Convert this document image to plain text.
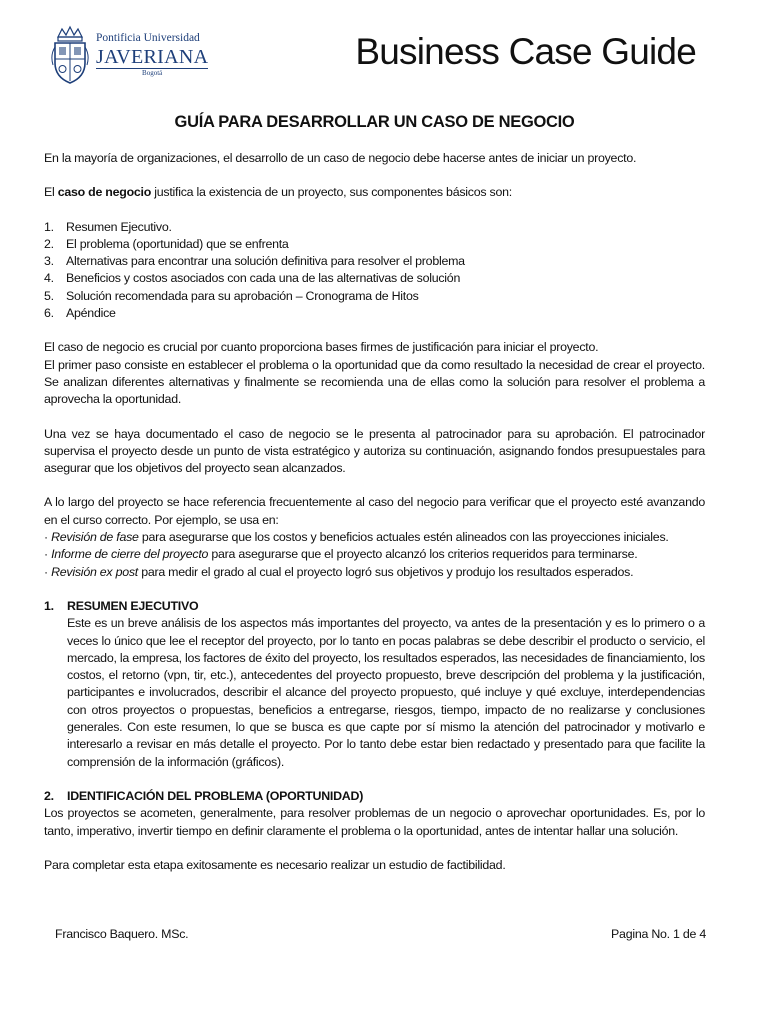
Pontificia Universidad
JAVERIANA
Bogotá
Business Case Guide
GUÍA PARA DESARROLLAR UN CASO DE NEGOCIO

En la mayoría de organizaciones, el desarrollo de un caso de negocio debe hacerse antes de iniciar un proyecto.

El caso de negocio justifica la existencia de un proyecto, sus componentes básicos son:

1. Resumen Ejecutivo.
2. El problema (oportunidad) que se enfrenta
3. Alternativas para encontrar una solución definitiva para resolver el problema
4. Beneficios y costos asociados con cada una de las alternativas de solución
5. Solución recomendada para su aprobación – Cronograma de Hitos
6. Apéndice

El caso de negocio es crucial por cuanto proporciona bases firmes de justificación para iniciar el proyecto.

El primer paso consiste en establecer el problema o la oportunidad que da como resultado la necesidad de crear el proyecto. Se analizan diferentes alternativas y finalmente se recomienda una de ellas como la solución para resolver el problema a aprovecha la oportunidad.

Una vez se haya documentado el caso de negocio se le presenta al patrocinador para su aprobación. El patrocinador supervisa el proyecto desde un punto de vista estratégico y autoriza su continuación, asignando fondos presupuestales para asegurar que los objetivos del proyecto sean alcanzados.

A lo largo del proyecto se hace referencia frecuentemente al caso del negocio para verificar que el proyecto esté avanzando en el curso correcto. Por ejemplo, se usa en:

· Revisión de fase para asegurarse que los costos y beneficios actuales estén alineados con las proyecciones iniciales.

· Informe de cierre del proyecto para asegurarse que el proyecto alcanzó los criterios requeridos para terminarse.

· Revisión ex post para medir el grado al cual el proyecto logró sus objetivos y produjo los resultados esperados.

1.	RESUMEN EJECUTIVO

Este es un breve análisis de los aspectos más importantes del proyecto, va antes de la presentación y es lo primero o a veces lo único que lee el receptor del proyecto, por lo tanto en pocas palabras se debe describir el producto o servicio, el mercado, la empresa, los factores de éxito del proyecto, los resultados esperados, las necesidades de financiamiento, los costos, el retorno (vpn, tir, etc.), antecedentes del proyecto propuesto, breve descripción del problema y la justificación, participantes e involucrados, describir el alcance del proyecto propuesto, qué incluye y qué excluye, interdependencias con otros proyectos o propuestas, beneficios a entregarse, riesgos, tiempo, impacto de no realizarse y conclusiones generales. Con este resumen, lo que se busca es que capte por sí mismo la atención del patrocinador y motivarlo e interesarlo a revisar en más detalle el proyecto. Por lo tanto debe estar bien redactado y presentado para que facilite la comprensión de la información (gráficos).

2.	IDENTIFICACIÓN DEL PROBLEMA (OPORTUNIDAD)

Los proyectos se acometen, generalmente, para resolver problemas de un negocio o aprovechar oportunidades. Es, por lo tanto, imperativo, invertir tiempo en definir claramente el problema o la oportunidad, antes de intentar hallar una solución.

Para completar esta etapa exitosamente es necesario realizar un estudio de factibilidad.

Francisco Baquero. MSc.	Pagina No. 1 de 4
